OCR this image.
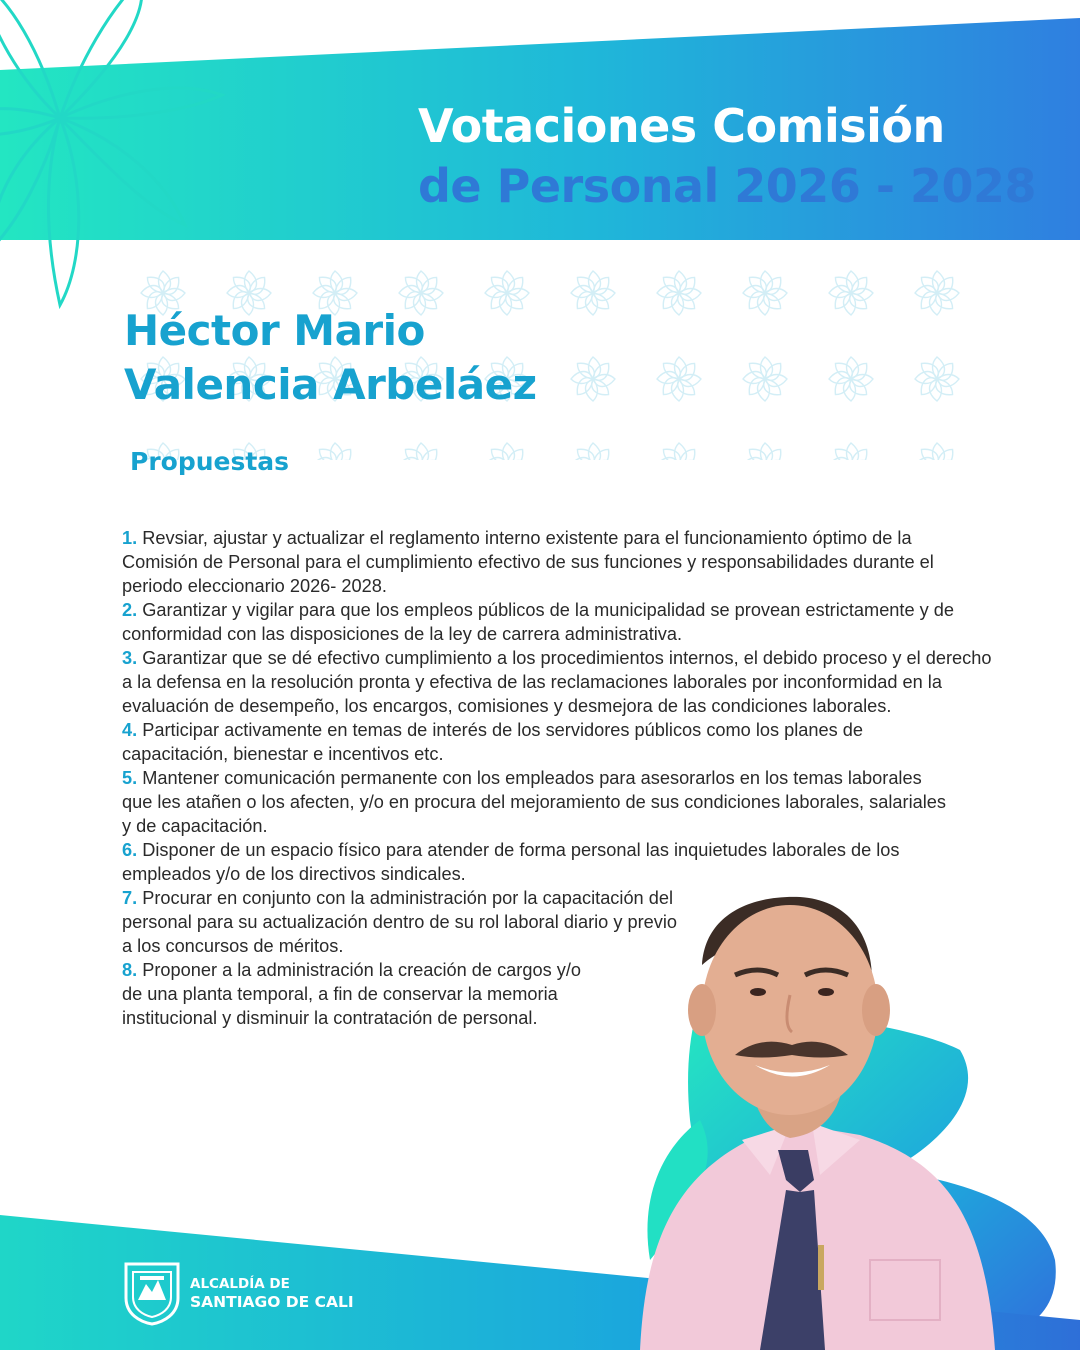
Votaciones Comisión
de Personal 2026 - 2028
Héctor Mario
Valencia Arbeláez
Propuestas

1. Revsiar, ajustar y actualizar el reglamento interno existente para el funcionamiento óptimo de la Comisión de Personal para el cumplimiento efectivo de sus funciones y responsabilidades durante el periodo eleccionario 2026- 2028.

2. Garantizar y vigilar para que los empleos públicos de la municipalidad se provean estrictamente y de conformidad con las disposiciones de la ley de carrera administrativa.

3. Garantizar que se dé efectivo cumplimiento a los procedimientos internos, el debido proceso y el derecho a la defensa en la resolución pronta y efectiva de las reclamaciones laborales por inconformidad en la evaluación de desempeño, los encargos, comisiones y desmejora de las condiciones laborales.

4. Participar activamente en temas de interés de los servidores públicos como los planes de capacitación, bienestar e incentivos etc.

5. Mantener comunicación permanente con los empleados para asesorarlos en los temas laborales que les atañen o los afecten, y/o en procura del mejoramiento de sus condiciones laborales, salariales y de capacitación.

6. Disponer de un espacio físico para atender de forma personal las inquietudes laborales de los empleados y/o de los directivos sindicales.

7. Procurar en conjunto con la administración por la capacitación del personal para su actualización dentro de su rol laboral diario y previo a los concursos de méritos.

8. Proponer a la administración la creación de cargos y/o de una planta temporal, a fin de conservar la memoria institucional y disminuir la contratación de personal.

ALCALDÍA DE
SANTIAGO DE CALI
